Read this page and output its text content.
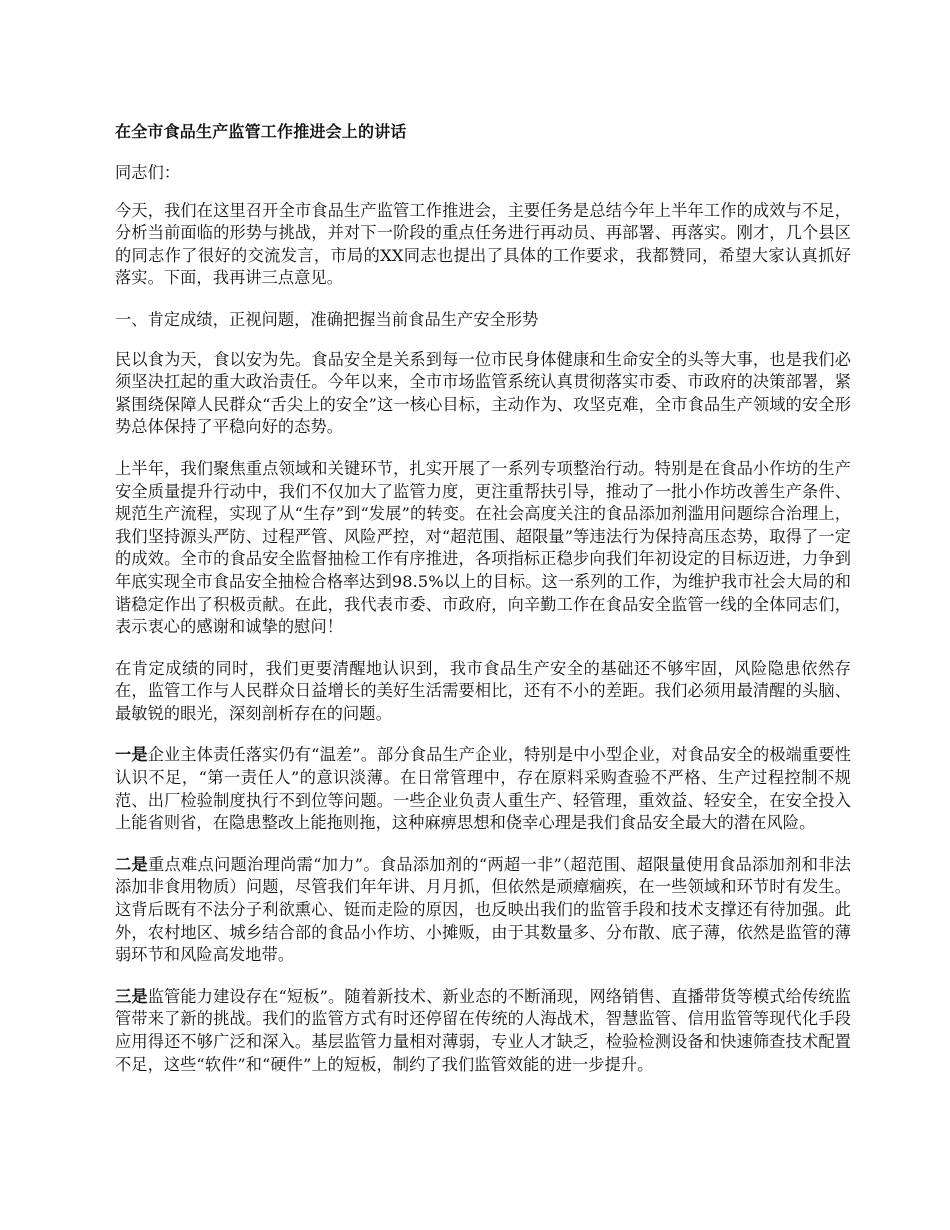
在全市食品生产监管工作推进会上的讲话

同志们：

今天，我们在这里召开全市食品生产监管工作推进会，主要任务是总结今年上半年工作的成效与不足，分析当前面临的形势与挑战，并对下一阶段的重点任务进行再动员、再部署、再落实。刚才，几个县区的同志作了很好的交流发言，市局的XX同志也提出了具体的工作要求，我都赞同，希望大家认真抓好落实。下面，我再讲三点意见。

一、肯定成绩，正视问题，准确把握当前食品生产安全形势

民以食为天，食以安为先。食品安全是关系到每一位市民身体健康和生命安全的头等大事，也是我们必须坚决扛起的重大政治责任。今年以来，全市市场监管系统认真贯彻落实市委、市政府的决策部署，紧紧围绕保障人民群众“舌尖上的安全”这一核心目标，主动作为、攻坚克难，全市食品生产领域的安全形势总体保持了平稳向好的态势。

上半年，我们聚焦重点领域和关键环节，扎实开展了一系列专项整治行动。特别是在食品小作坊的生产安全质量提升行动中，我们不仅加大了监管力度，更注重帮扶引导，推动了一批小作坊改善生产条件、规范生产流程，实现了从“生存”到“发展”的转变。在社会高度关注的食品添加剂滥用问题综合治理上，我们坚持源头严防、过程严管、风险严控，对“超范围、超限量”等违法行为保持高压态势，取得了一定的成效。全市的食品安全监督抽检工作有序推进，各项指标正稳步向我们年初设定的目标迈进，力争到年底实现全市食品安全抽检合格率达到98.5%以上的目标。这一系列的工作，为维护我市社会大局的和谐稳定作出了积极贡献。在此，我代表市委、市政府，向辛勤工作在食品安全监管一线的全体同志们，表示衷心的感谢和诚挚的慰问！

在肯定成绩的同时，我们更要清醒地认识到，我市食品生产安全的基础还不够牢固，风险隐患依然存在，监管工作与人民群众日益增长的美好生活需要相比，还有不小的差距。我们必须用最清醒的头脑、最敏锐的眼光，深刻剖析存在的问题。

一是企业主体责任落实仍有“温差”。部分食品生产企业，特别是中小型企业，对食品安全的极端重要性认识不足，“第一责任人”的意识淡薄。在日常管理中，存在原料采购查验不严格、生产过程控制不规范、出厂检验制度执行不到位等问题。一些企业负责人重生产、轻管理，重效益、轻安全，在安全投入上能省则省，在隐患整改上能拖则拖，这种麻痹思想和侥幸心理是我们食品安全最大的潜在风险。

二是重点难点问题治理尚需“加力”。食品添加剂的“两超一非”（超范围、超限量使用食品添加剂和非法添加非食用物质）问题，尽管我们年年讲、月月抓，但依然是顽瘴痼疾，在一些领域和环节时有发生。这背后既有不法分子利欲熏心、铤而走险的原因，也反映出我们的监管手段和技术支撑还有待加强。此外，农村地区、城乡结合部的食品小作坊、小摊贩，由于其数量多、分布散、底子薄，依然是监管的薄弱环节和风险高发地带。

三是监管能力建设存在“短板”。随着新技术、新业态的不断涌现，网络销售、直播带货等模式给传统监管带来了新的挑战。我们的监管方式有时还停留在传统的人海战术，智慧监管、信用监管等现代化手段应用得还不够广泛和深入。基层监管力量相对薄弱，专业人才缺乏，检验检测设备和快速筛查技术配置不足，这些“软件”和“硬件”上的短板，制约了我们监管效能的进一步提升。
